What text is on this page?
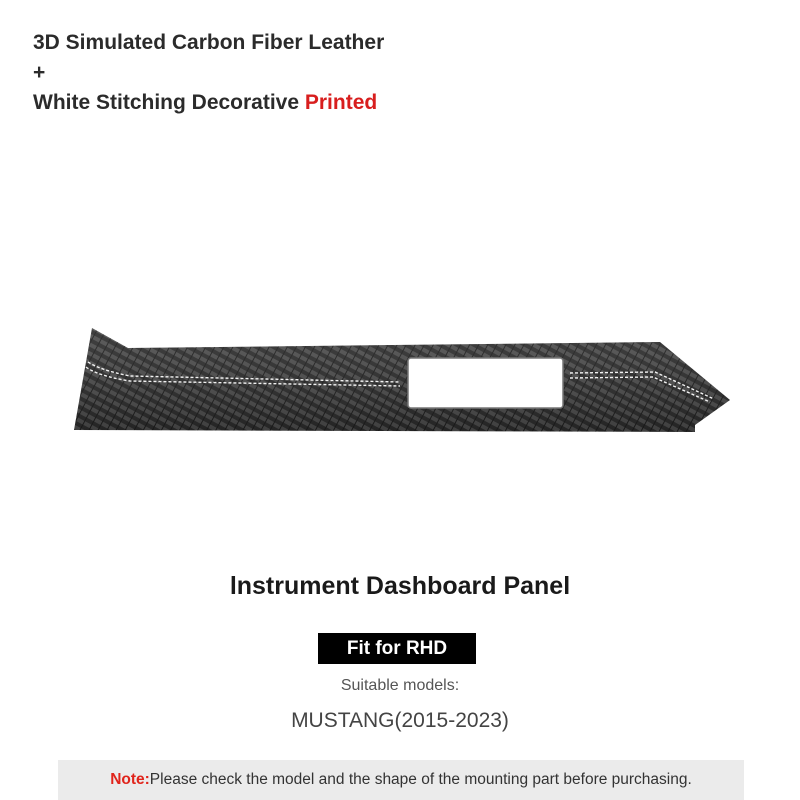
3D Simulated Carbon Fiber Leather
+
White Stitching Decorative Printed
lnstrument Dashboard Panel
Fit for RHD
Suitable models:
MUSTANG(2015-2023)
Note: Please check the model and the shape of the mounting part before purchasing.
